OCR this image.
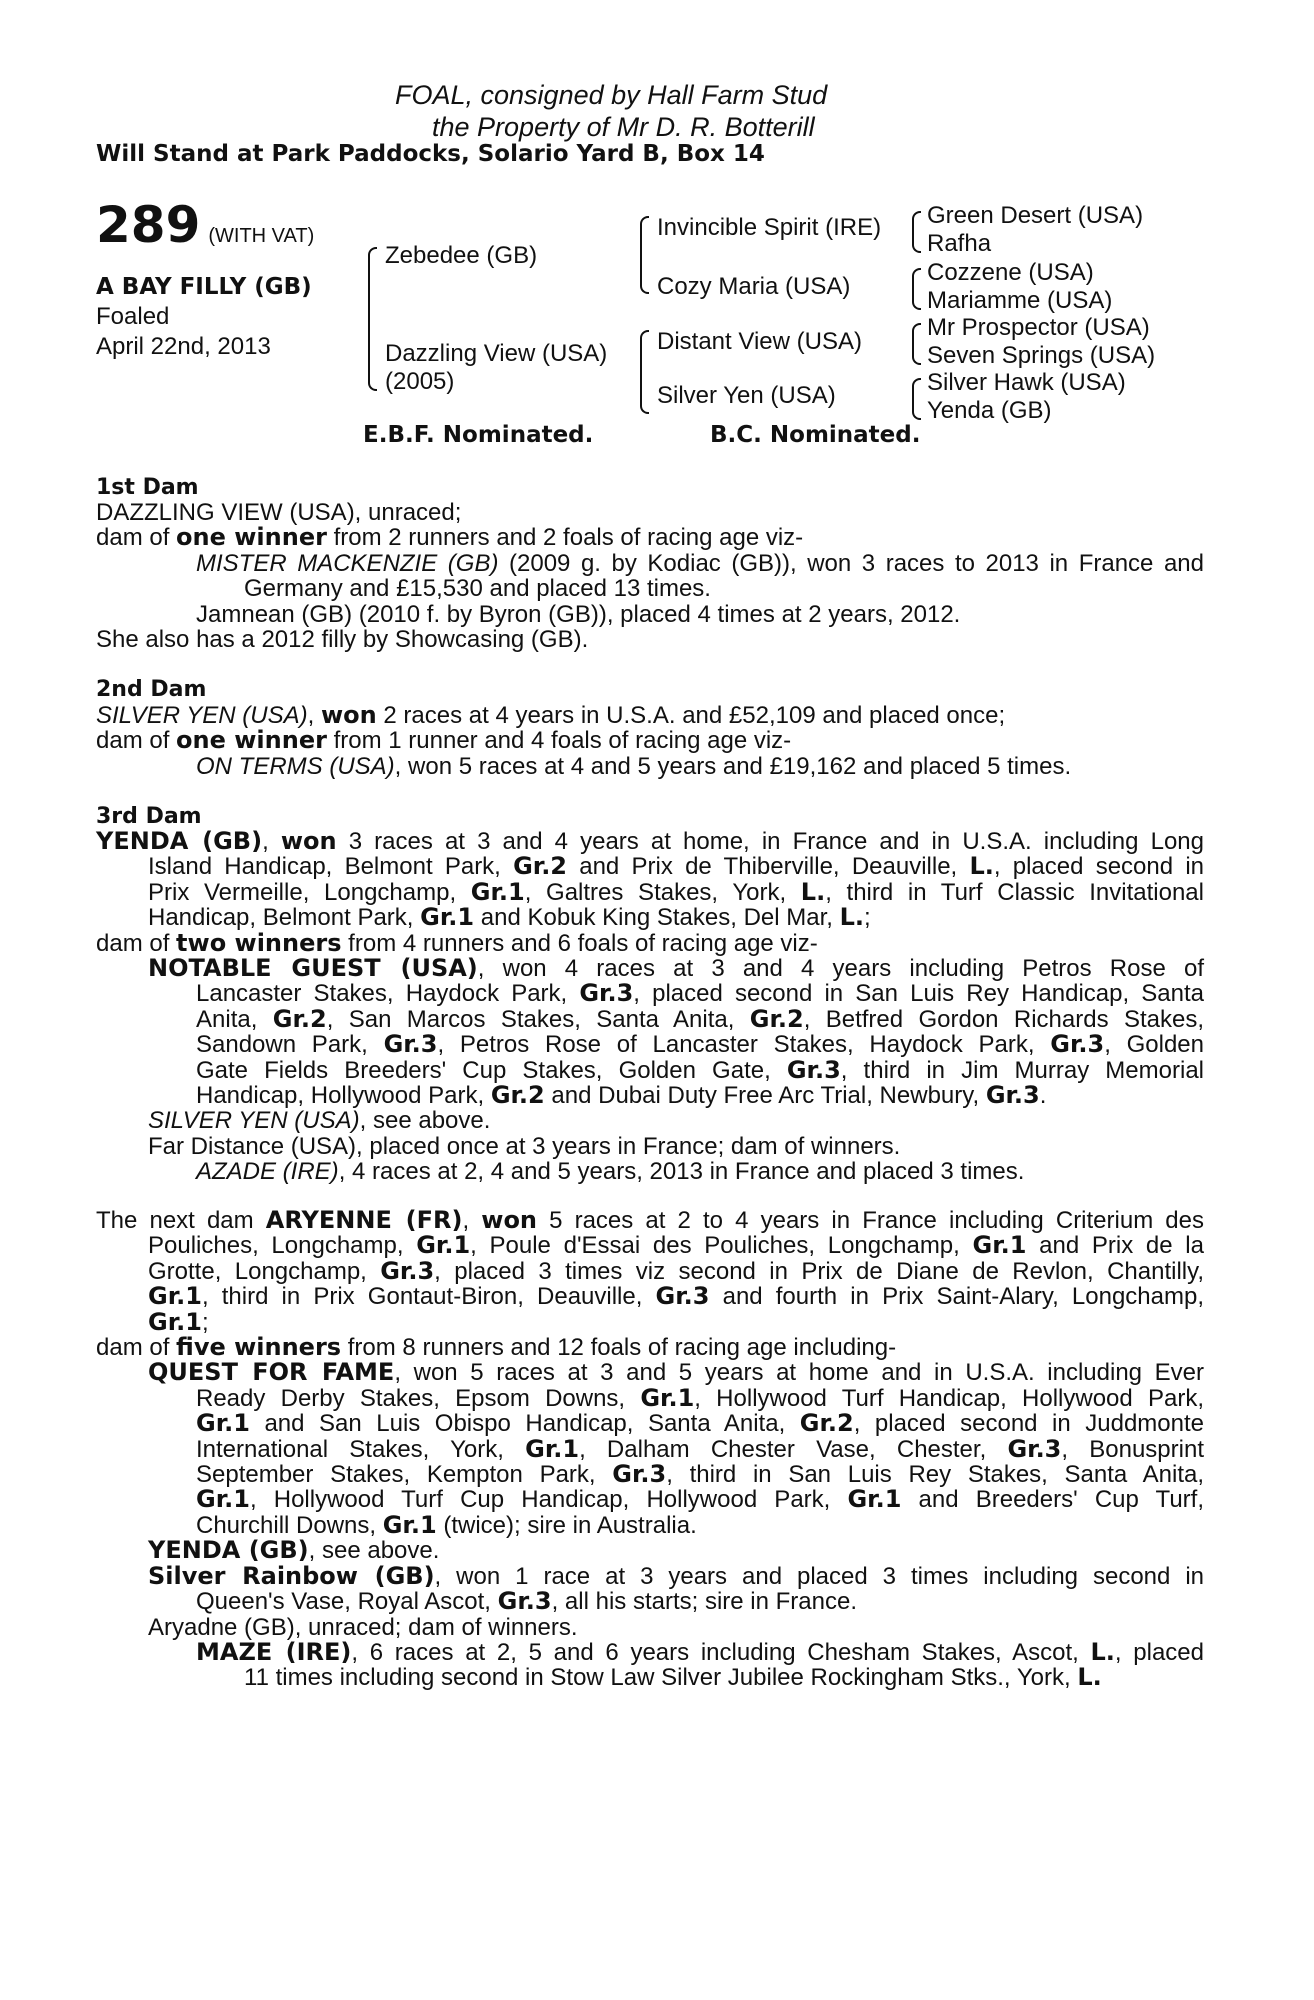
FOAL, consigned by Hall Farm Stud
the Property of Mr D. R. Botterill
Will Stand at Park Paddocks, Solario Yard B, Box 14
289 (WITH VAT)
A BAY FILLY (GB)
Foaled
April 22nd, 2013
Zebedee (GB)
Dazzling View (USA)
(2005)
Invincible Spirit (IRE)
Cozy Maria (USA)
Distant View (USA)
Silver Yen (USA)
Green Desert (USA)
Rafha
Cozzene (USA)
Mariamme (USA)
Mr Prospector (USA)
Seven Springs (USA)
Silver Hawk (USA)
Yenda (GB)
E.B.F. Nominated.	B.C. Nominated.
1st Dam
DAZZLING VIEW (USA), unraced;
dam of one winner from 2 runners and 2 foals of racing age viz-
MISTER MACKENZIE (GB) (2009 g. by Kodiac (GB)), won 3 races to 2013 in France and
Germany and £15,530 and placed 13 times.
Jamnean (GB) (2010 f. by Byron (GB)), placed 4 times at 2 years, 2012.
She also has a 2012 filly by Showcasing (GB).
2nd Dam
SILVER YEN (USA), won 2 races at 4 years in U.S.A. and £52,109 and placed once;
dam of one winner from 1 runner and 4 foals of racing age viz-
ON TERMS (USA), won 5 races at 4 and 5 years and £19,162 and placed 5 times.
3rd Dam
YENDA (GB), won 3 races at 3 and 4 years at home, in France and in U.S.A. including Long
Island Handicap, Belmont Park, Gr.2 and Prix de Thiberville, Deauville, L., placed second in
Prix Vermeille, Longchamp, Gr.1, Galtres Stakes, York, L., third in Turf Classic Invitational
Handicap, Belmont Park, Gr.1 and Kobuk King Stakes, Del Mar, L.;
dam of two winners from 4 runners and 6 foals of racing age viz-
NOTABLE GUEST (USA), won 4 races at 3 and 4 years including Petros Rose of
Lancaster Stakes, Haydock Park, Gr.3, placed second in San Luis Rey Handicap, Santa
Anita, Gr.2, San Marcos Stakes, Santa Anita, Gr.2, Betfred Gordon Richards Stakes,
Sandown Park, Gr.3, Petros Rose of Lancaster Stakes, Haydock Park, Gr.3, Golden
Gate Fields Breeders' Cup Stakes, Golden Gate, Gr.3, third in Jim Murray Memorial
Handicap, Hollywood Park, Gr.2 and Dubai Duty Free Arc Trial, Newbury, Gr.3.
SILVER YEN (USA), see above.
Far Distance (USA), placed once at 3 years in France; dam of winners.
AZADE (IRE), 4 races at 2, 4 and 5 years, 2013 in France and placed 3 times.
The next dam ARYENNE (FR), won 5 races at 2 to 4 years in France including Criterium des
Pouliches, Longchamp, Gr.1, Poule d'Essai des Pouliches, Longchamp, Gr.1 and Prix de la
Grotte, Longchamp, Gr.3, placed 3 times viz second in Prix de Diane de Revlon, Chantilly,
Gr.1, third in Prix Gontaut-Biron, Deauville, Gr.3 and fourth in Prix Saint-Alary, Longchamp,
Gr.1;
dam of five winners from 8 runners and 12 foals of racing age including-
QUEST FOR FAME, won 5 races at 3 and 5 years at home and in U.S.A. including Ever
Ready Derby Stakes, Epsom Downs, Gr.1, Hollywood Turf Handicap, Hollywood Park,
Gr.1 and San Luis Obispo Handicap, Santa Anita, Gr.2, placed second in Juddmonte
International Stakes, York, Gr.1, Dalham Chester Vase, Chester, Gr.3, Bonusprint
September Stakes, Kempton Park, Gr.3, third in San Luis Rey Stakes, Santa Anita,
Gr.1, Hollywood Turf Cup Handicap, Hollywood Park, Gr.1 and Breeders' Cup Turf,
Churchill Downs, Gr.1 (twice); sire in Australia.
YENDA (GB), see above.
Silver Rainbow (GB), won 1 race at 3 years and placed 3 times including second in
Queen's Vase, Royal Ascot, Gr.3, all his starts; sire in France.
Aryadne (GB), unraced; dam of winners.
MAZE (IRE), 6 races at 2, 5 and 6 years including Chesham Stakes, Ascot, L., placed
11 times including second in Stow Law Silver Jubilee Rockingham Stks., York, L.
